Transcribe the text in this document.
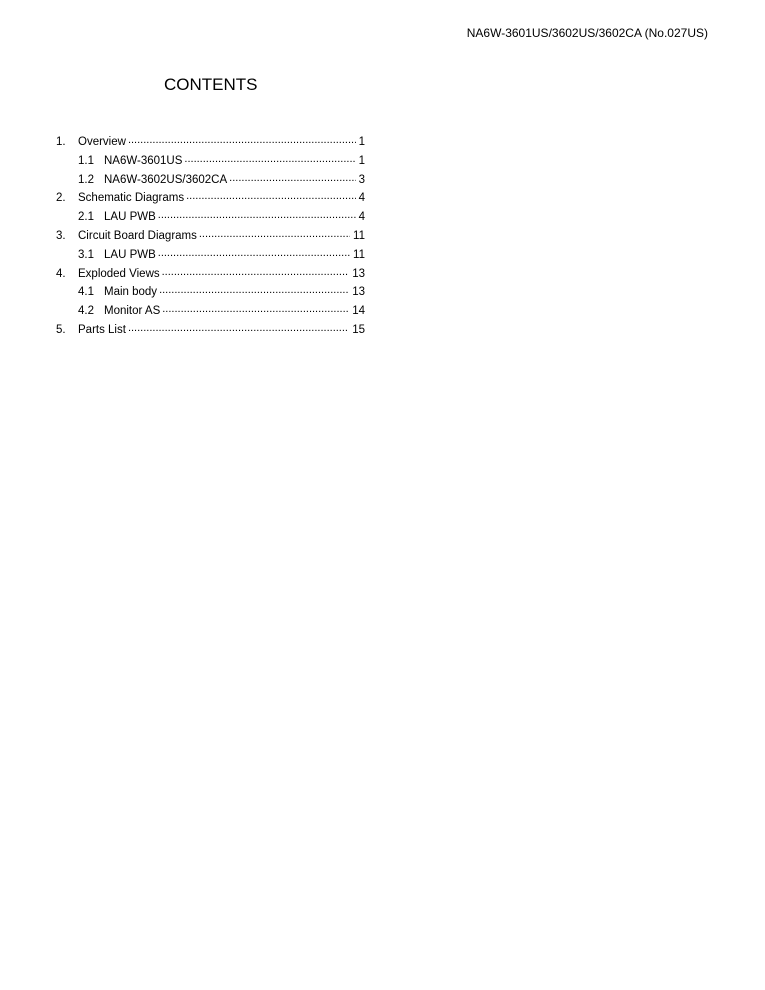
NA6W-3601US/3602US/3602CA (No.027US)
CONTENTS
1.	Overview .....	1
1.1 NA6W-3601US .....	1
1.2 NA6W-3602US/3602CA .....	3
2.	Schematic Diagrams .....	4
2.1 LAU PWB .....	4
3.	Circuit Board Diagrams .....	11
3.1 LAU PWB .....	11
4.	Exploded Views .....	13
4.1 Main body .....	13
4.2 Monitor AS .....	14
5.	Parts List .....	15
